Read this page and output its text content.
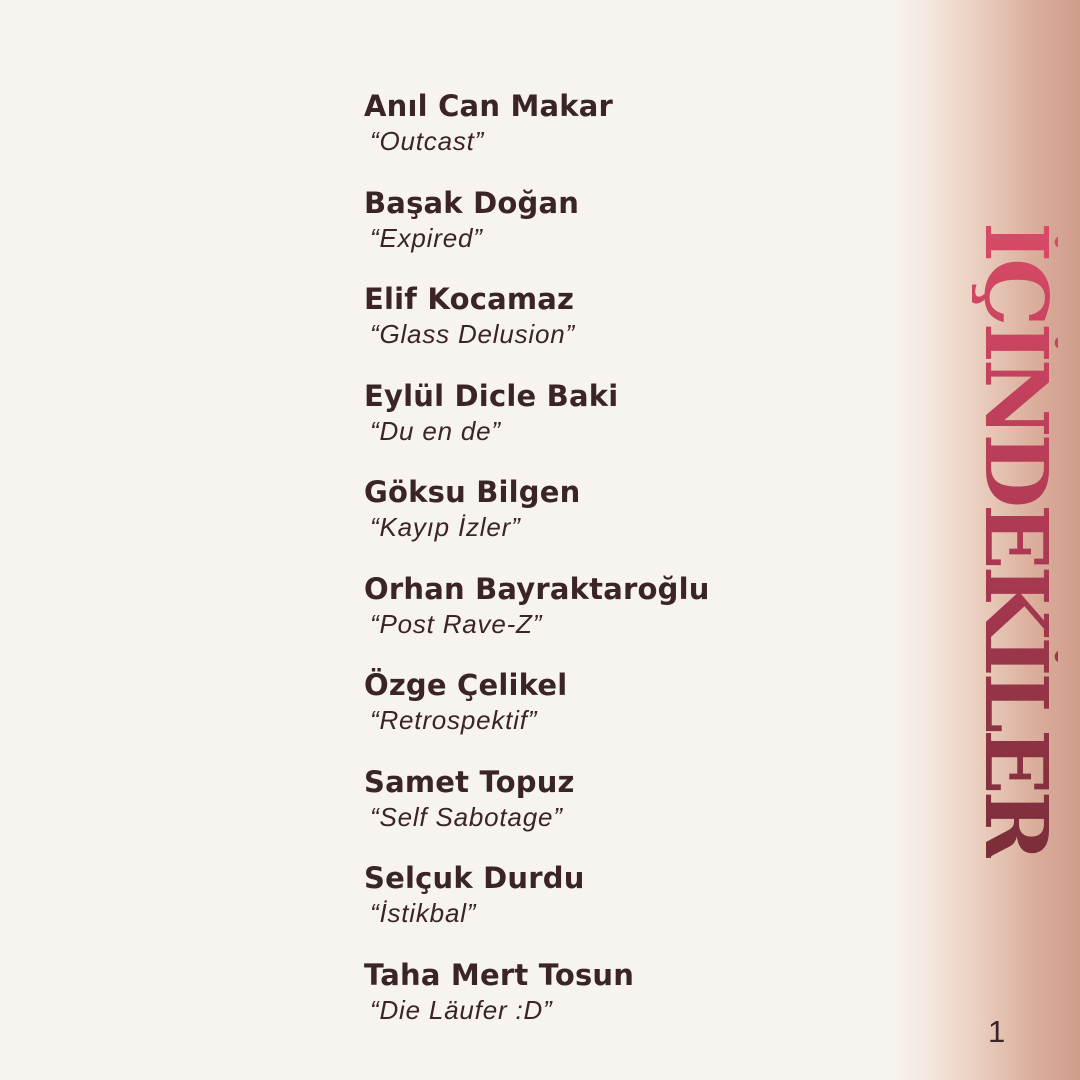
İÇİNDEKİLER
Anıl Can Makar
“Outcast”
Başak Doğan
“Expired”
Elif Kocamaz
“Glass Delusion”
Eylül Dicle Baki
“Du en de”
Göksu Bilgen
“Kayıp İzler”
Orhan Bayraktaroğlu
“Post Rave-Z”
Özge Çelikel
“Retrospektif”
Samet Topuz
“Self Sabotage”
Selçuk Durdu
“İstikbal”
Taha Mert Tosun
“Die Läufer :D”
1
